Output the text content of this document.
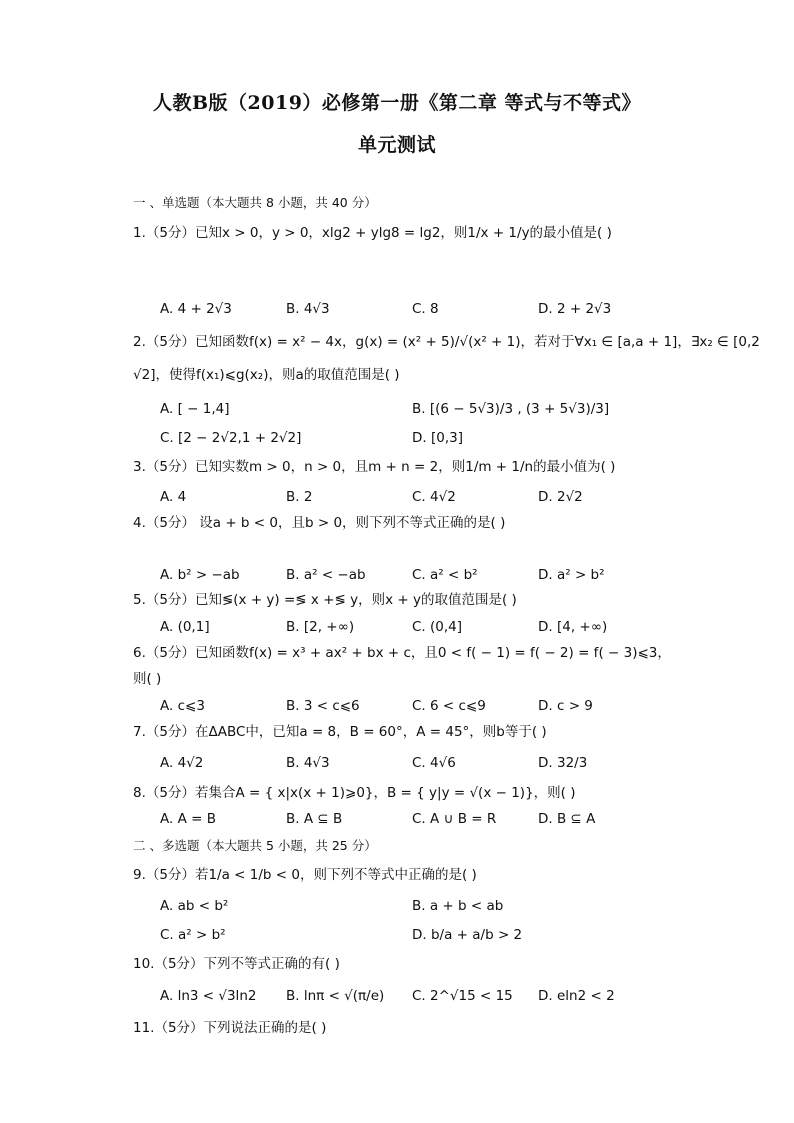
人教B版（2019）必修第一册《第二章 等式与不等式》
单元测试
一 、单选题（本大题共 8 小题，共 40 分）
1.（5分）已知x > 0，y > 0，xlg2 + ylg8 = lg2，则1/x + 1/y的最小值是( )
A. 4 + 2√3	B. 4√3	C. 8	D. 2 + 2√3
2.（5分）已知函数f(x) = x² − 4x，g(x) = (x² + 5)/√(x² + 1)，若对于∀x₁ ∈ [a,a + 1]，∃x₂ ∈ [0,2
√2]，使得f(x₁)⩽g(x₂)，则a的取值范围是( )
A. [ − 1,4]	B. [(6 − 5√3)/3 , (3 + 5√3)/3]
C. [2 − 2√2,1 + 2√2]	D. [0,3]
3.（5分）已知实数m > 0，n > 0，且m + n = 2，则1/m + 1/n的最小值为( )
A. 4	B. 2	C. 4√2	D. 2√2
4.（5分） 设a + b < 0，且b > 0，则下列不等式正确的是( )
A. b² > −ab	B. a² < −ab	C. a² < b²	D. a² > b²
5.（5分）已知≶(x + y) =≶ x +≶ y，则x + y的取值范围是( )
A. (0,1]	B. [2, +∞)	C. (0,4]	D. [4, +∞)
6.（5分）已知函数f(x) = x³ + ax² + bx + c，且0 < f( − 1) = f( − 2) = f( − 3)⩽3，
则( )
A. c⩽3	B. 3 < c⩽6	C. 6 < c⩽9	D. c > 9
7.（5分）在ΔABC中，已知a = 8，B = 60°，A = 45°，则b等于( )
A. 4√2	B. 4√3	C. 4√6	D. 32/3
8.（5分）若集合A = { x|x(x + 1)⩾0}，B = { y|y = √(x − 1)}，则( )
A. A = B	B. A ⊆ B	C. A ∪ B = R	D. B ⊆ A
二 、多选题（本大题共 5 小题，共 25 分）
9.（5分）若1/a < 1/b < 0，则下列不等式中正确的是( )
A. ab < b²	B. a + b < ab
C. a² > b²	D. b/a + a/b > 2
10.（5分）下列不等式正确的有( )
A. ln3 < √3ln2 B. lnπ < √(π/e) C. 2^√15 < 15 D. eln2 < 2
11.（5分）下列说法正确的是( )
